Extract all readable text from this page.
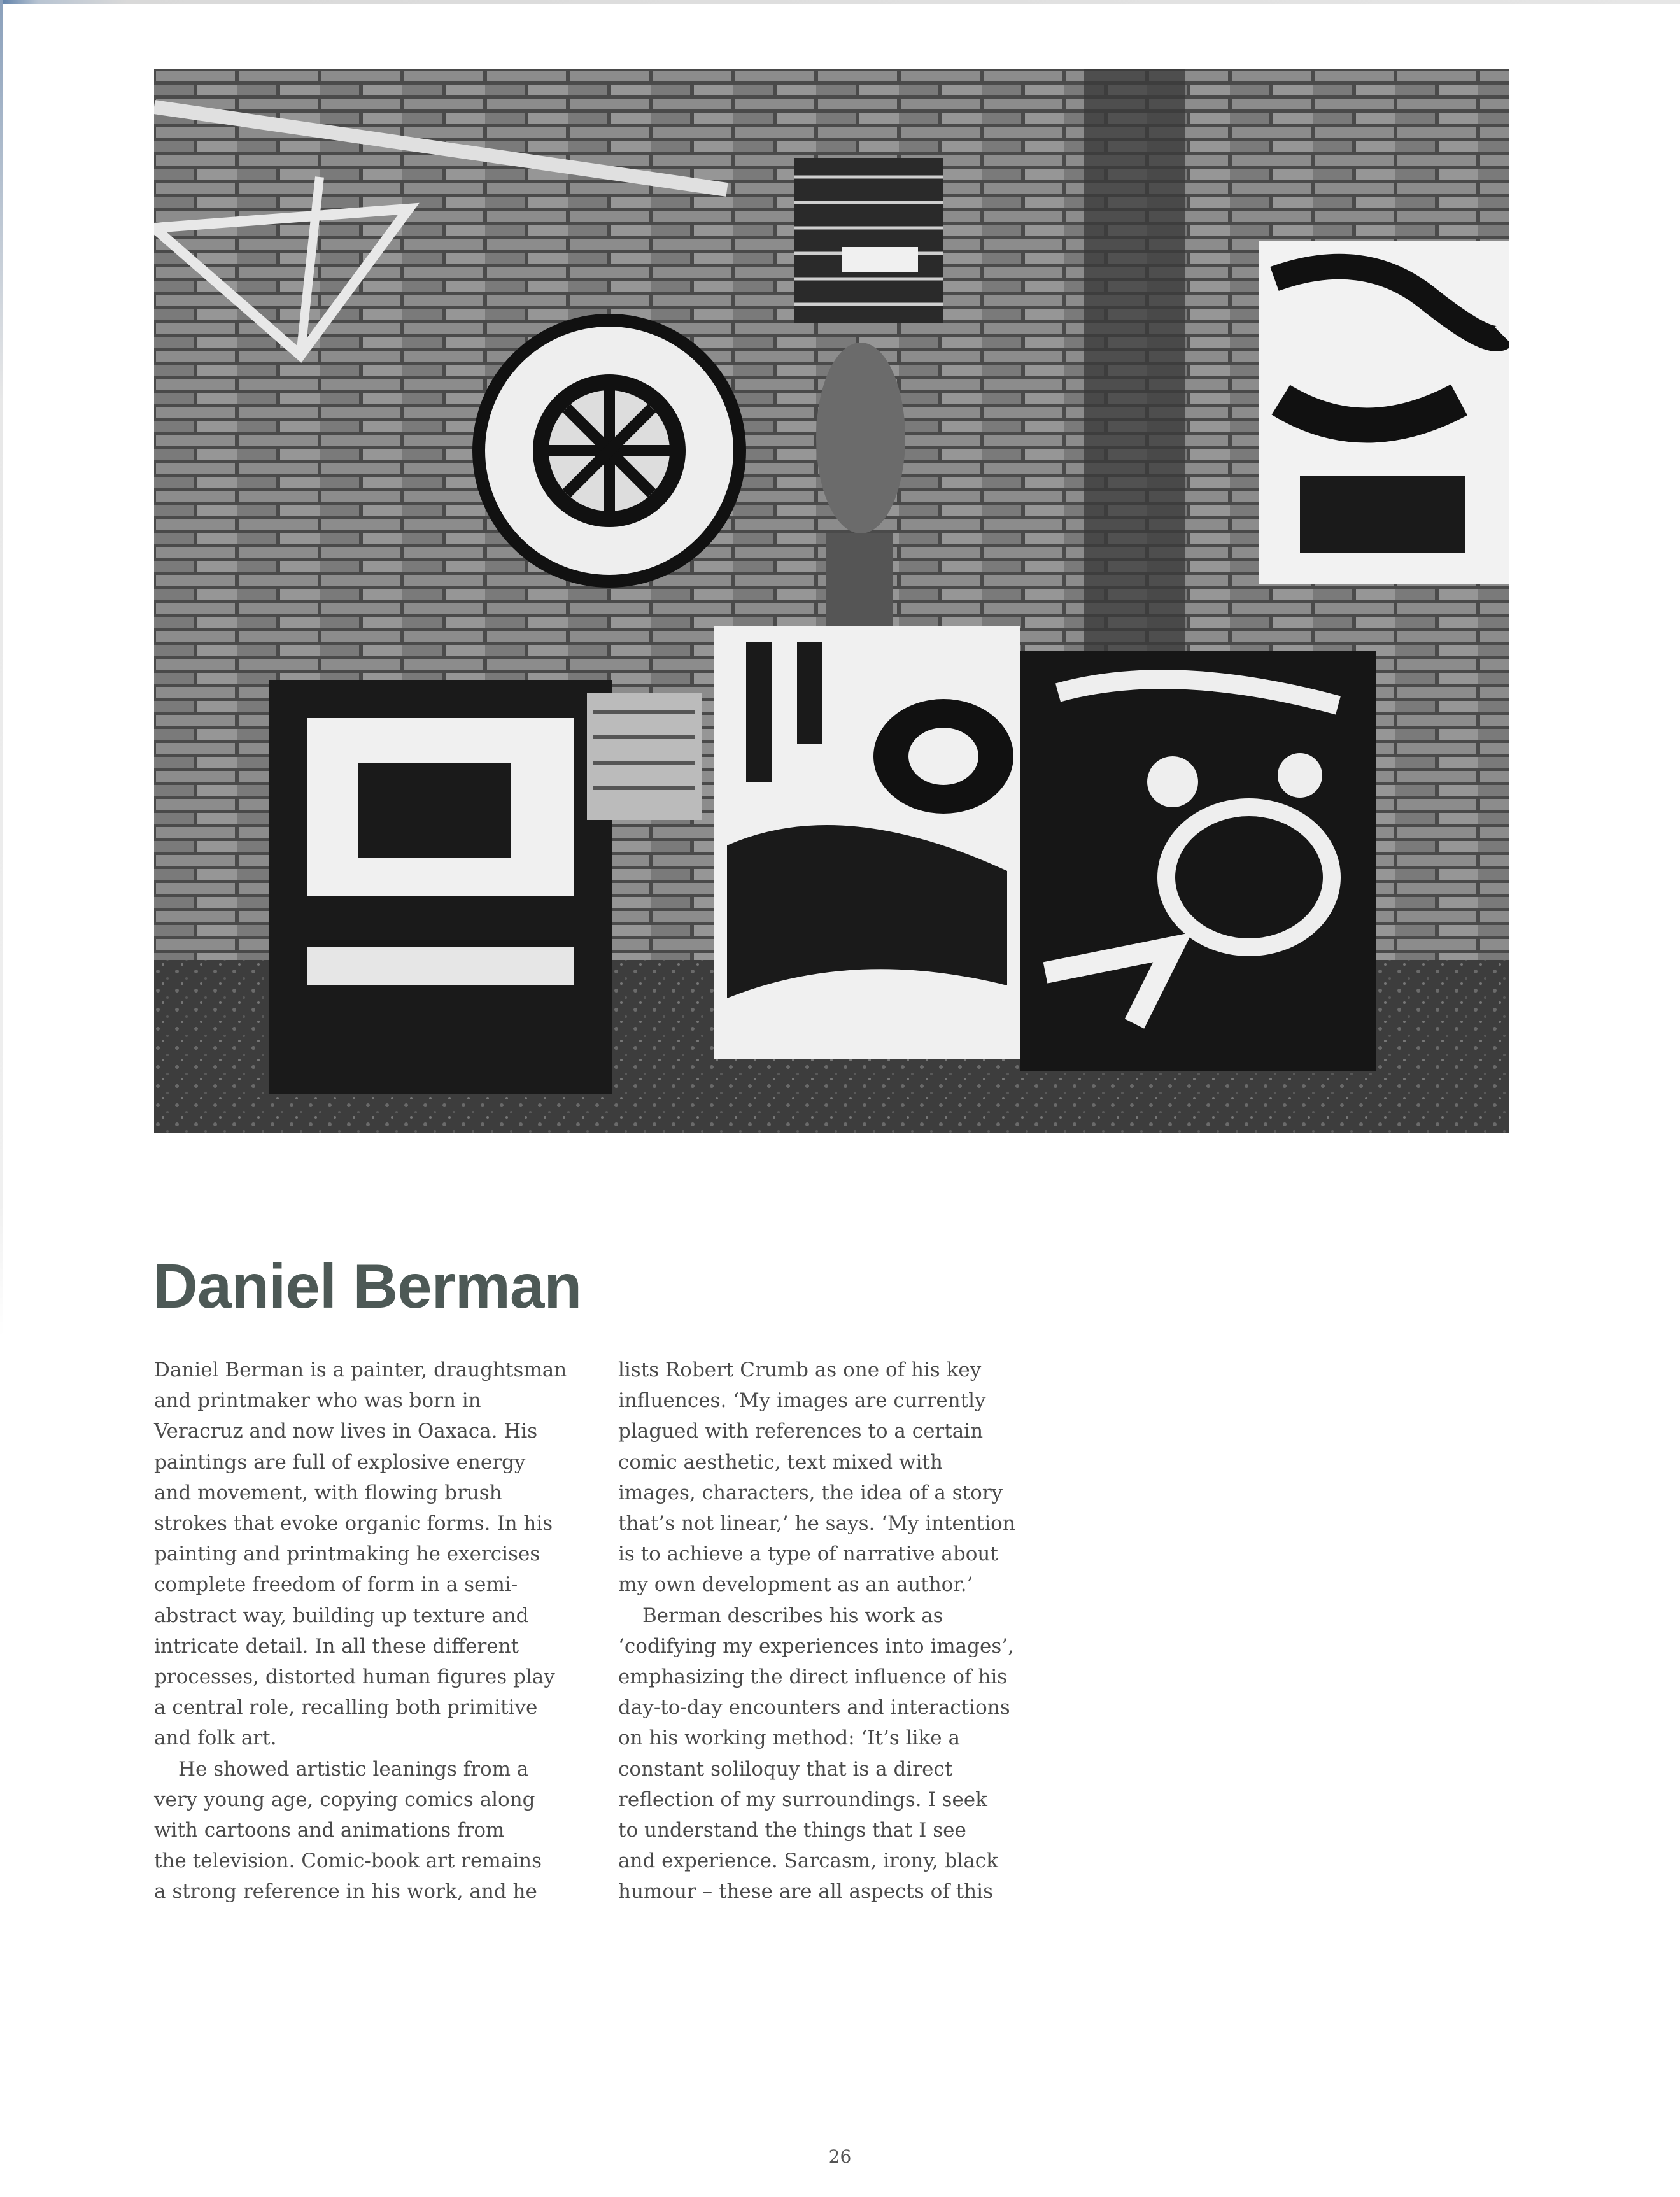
Daniel Berman

Daniel Berman is a painter, draughtsman
and printmaker who was born in
Veracruz and now lives in Oaxaca. His
paintings are full of explosive energy
and movement, with flowing brush
strokes that evoke organic forms. In his
painting and printmaking he exercises
complete freedom of form in a semi-
abstract way, building up texture and
intricate detail. In all these different
processes, distorted human figures play
a central role, recalling both primitive
and folk art.

He showed artistic leanings from a
very young age, copying comics along
with cartoons and animations from
the television. Comic-book art remains
a strong reference in his work, and he

lists Robert Crumb as one of his key
influences. ‘My images are currently
plagued with references to a certain
comic aesthetic, text mixed with
images, characters, the idea of a story
that’s not linear,’ he says. ‘My intention
is to achieve a type of narrative about
my own development as an author.’

Berman describes his work as
‘codifying my experiences into images’,
emphasizing the direct influence of his
day-to-day encounters and interactions
on his working method: ‘It’s like a
constant soliloquy that is a direct
reflection of my surroundings. I seek
to understand the things that I see
and experience. Sarcasm, irony, black
humour – these are all aspects of this

26
